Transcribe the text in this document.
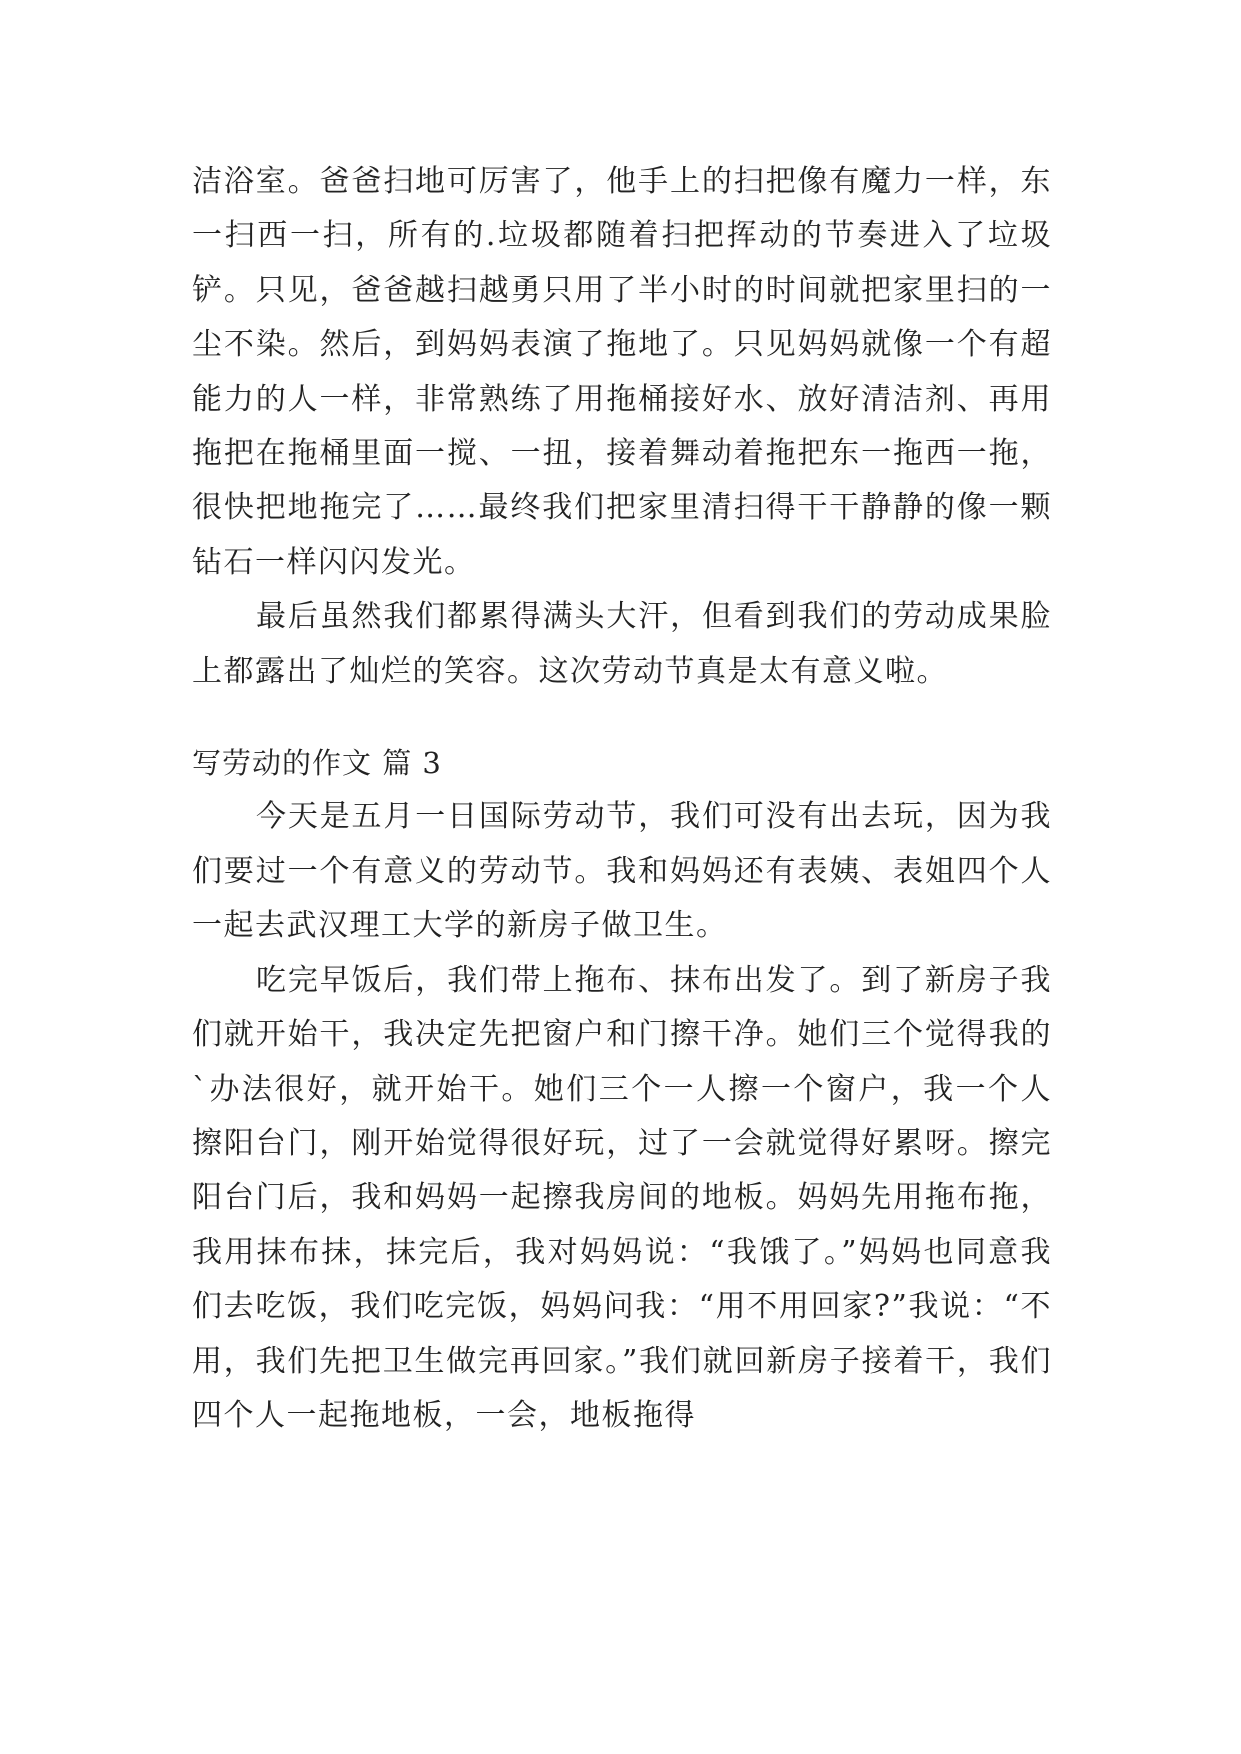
洁浴室。爸爸扫地可厉害了，他手上的扫把像有魔力一样，东一扫西一扫，所有的.垃圾都随着扫把挥动的节奏进入了垃圾铲。只见，爸爸越扫越勇只用了半小时的时间就把家里扫的一尘不染。然后，到妈妈表演了拖地了。只见妈妈就像一个有超能力的人一样，非常熟练了用拖桶接好水、放好清洁剂、再用拖把在拖桶里面一搅、一扭，接着舞动着拖把东一拖西一拖，很快把地拖完了……最终我们把家里清扫得干干静静的像一颗钻石一样闪闪发光。

最后虽然我们都累得满头大汗，但看到我们的劳动成果脸上都露出了灿烂的笑容。这次劳动节真是太有意义啦。

写劳动的作文 篇 3

今天是五月一日国际劳动节，我们可没有出去玩，因为我们要过一个有意义的劳动节。我和妈妈还有表姨、表姐四个人一起去武汉理工大学的新房子做卫生。

吃完早饭后，我们带上拖布、抹布出发了。到了新房子我们就开始干，我决定先把窗户和门擦干净。她们三个觉得我的`办法很好，就开始干。她们三个一人擦一个窗户，我一个人擦阳台门，刚开始觉得很好玩，过了一会就觉得好累呀。擦完阳台门后，我和妈妈一起擦我房间的地板。妈妈先用拖布拖，我用抹布抹，抹完后，我对妈妈说：“我饿了。”妈妈也同意我们去吃饭，我们吃完饭，妈妈问我：“用不用回家?”我说：“不用，我们先把卫生做完再回家。”我们就回新房子接着干，我们四个人一起拖地板，一会，地板拖得
